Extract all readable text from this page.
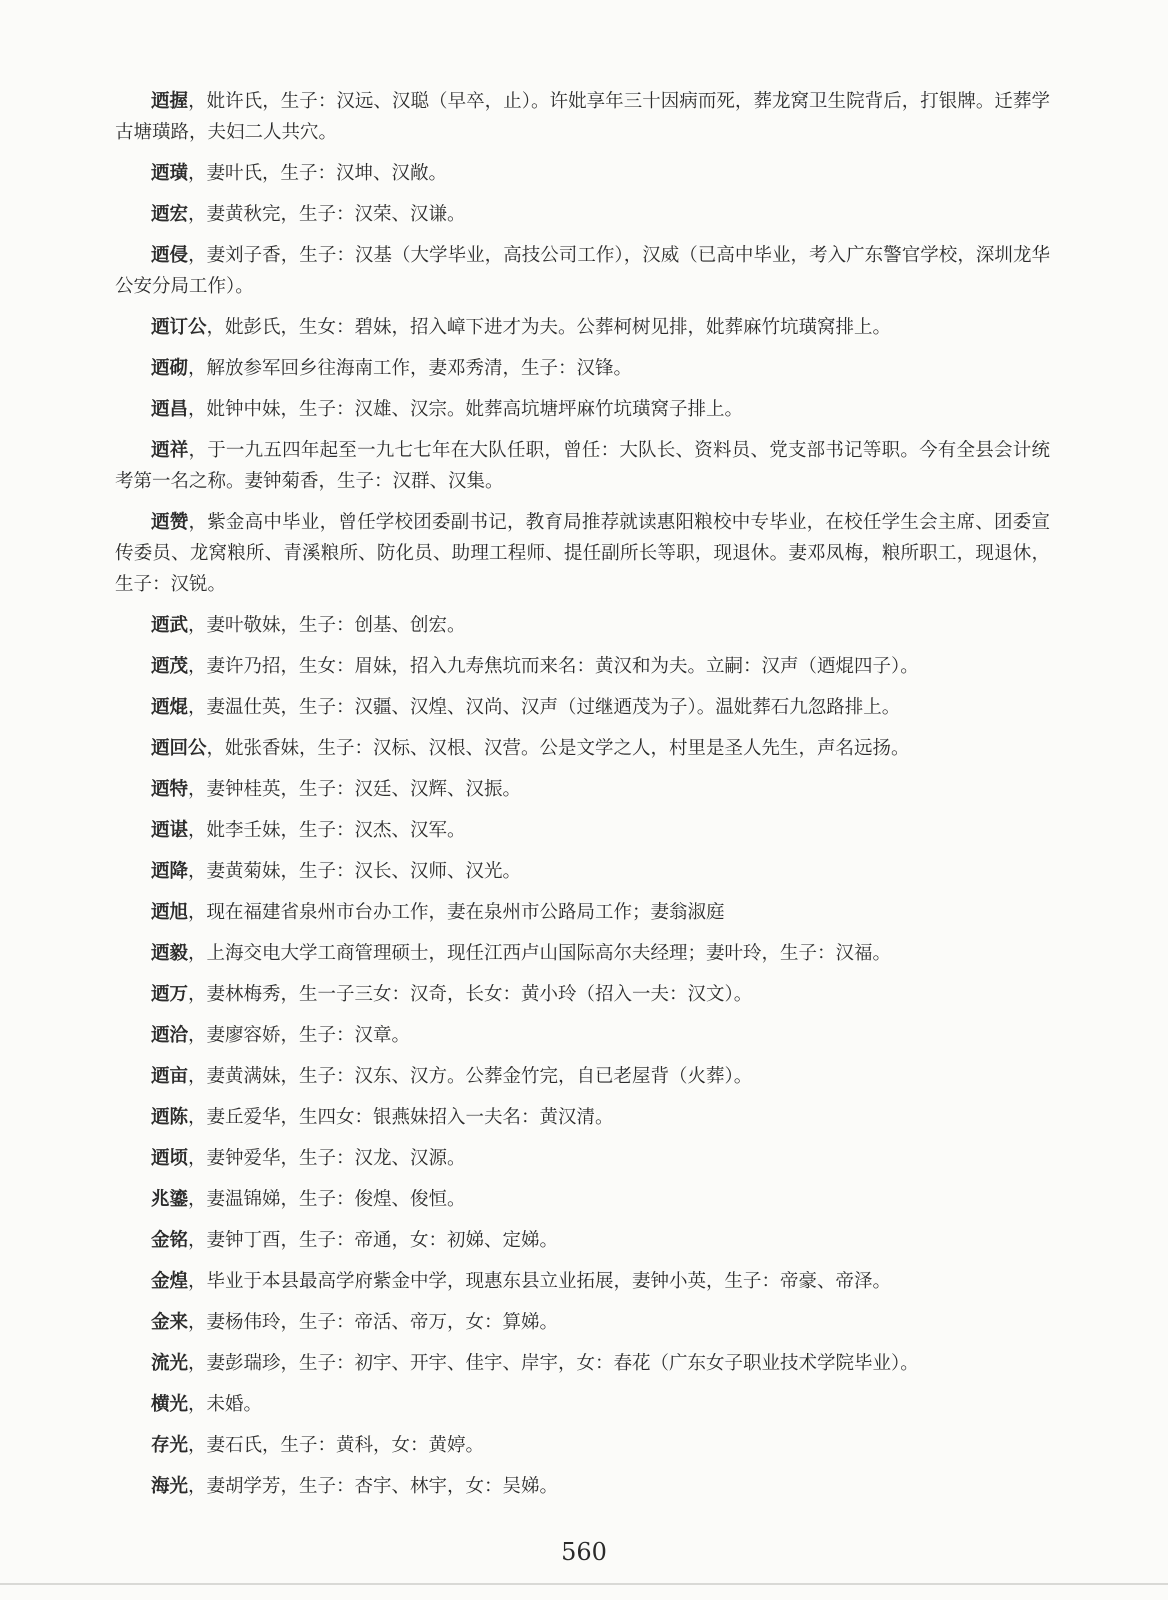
迺握，妣许氏，生子：汉远、汉聪（早卒，止）。许妣享年三十因病而死，葬龙窝卫生院背后，打银牌。迁葬学古塘璜路，夫妇二人共穴。

迺璜，妻叶氏，生子：汉坤、汉敞。

迺宏，妻黄秋完，生子：汉荣、汉谦。

迺侵，妻刘子香，生子：汉基（大学毕业，高技公司工作），汉威（已高中毕业，考入广东警官学校，深圳龙华公安分局工作）。

迺订公，妣彭氏，生女：碧妹，招入嶂下进才为夫。公葬柯树见排，妣葬麻竹坑璜窝排上。

迺砌，解放参军回乡往海南工作，妻邓秀清，生子：汉锋。

迺昌，妣钟中妹，生子：汉雄、汉宗。妣葬高坑塘坪麻竹坑璜窝子排上。

迺祥，于一九五四年起至一九七七年在大队任职，曾任：大队长、资料员、党支部书记等职。今有全县会计统考第一名之称。妻钟菊香，生子：汉群、汉集。

迺赞，紫金高中毕业，曾任学校团委副书记，教育局推荐就读惠阳粮校中专毕业，在校任学生会主席、团委宣传委员、龙窝粮所、青溪粮所、防化员、助理工程师、提任副所长等职，现退休。妻邓凤梅，粮所职工，现退休，生子：汉锐。

迺武，妻叶敬妹，生子：创基、创宏。

迺茂，妻许乃招，生女：眉妹，招入九寿焦坑而来名：黄汉和为夫。立嗣：汉声（迺焜四子）。

迺焜，妻温仕英，生子：汉疆、汉煌、汉尚、汉声（过继迺茂为子）。温妣葬石九忽路排上。

迺回公，妣张香妹，生子：汉标、汉根、汉营。公是文学之人，村里是圣人先生，声名远扬。

迺特，妻钟桂英，生子：汉廷、汉辉、汉振。

迺谌，妣李壬妹，生子：汉杰、汉军。

迺降，妻黄菊妹，生子：汉长、汉师、汉光。

迺旭，现在福建省泉州市台办工作，妻在泉州市公路局工作；妻翁淑庭

迺毅，上海交电大学工商管理硕士，现任江西卢山国际高尔夫经理；妻叶玲，生子：汉福。

迺万，妻林梅秀，生一子三女：汉奇，长女：黄小玲（招入一夫：汉文）。

迺洽，妻廖容娇，生子：汉章。

迺亩，妻黄满妹，生子：汉东、汉方。公葬金竹完，自已老屋背（火葬）。

迺陈，妻丘爱华，生四女：银燕妹招入一夫名：黄汉清。

迺顷，妻钟爱华，生子：汉龙、汉源。

兆鎏，妻温锦娣，生子：俊煌、俊恒。

金铭，妻钟丁酉，生子：帝通，女：初娣、定娣。

金煌，毕业于本县最高学府紫金中学，现惠东县立业拓展，妻钟小英，生子：帝豪、帝泽。

金来，妻杨伟玲，生子：帝活、帝万，女：算娣。

流光，妻彭瑞珍，生子：初宇、开宇、佳宇、岸宇，女：春花（广东女子职业技术学院毕业）。

横光，未婚。

存光，妻石氏，生子：黄科，女：黄婷。

海光，妻胡学芳，生子：杏宇、林宇，女：吴娣。

560
